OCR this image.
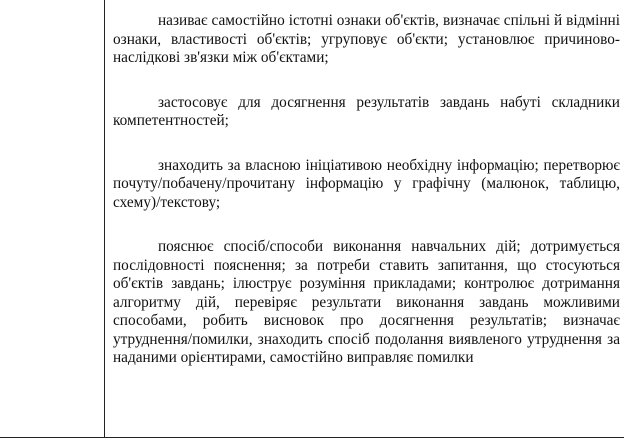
називає самостійно істотні ознаки об'єктів, визначає спільні й відмінні ознаки, властивості об'єктів; угруповує об'єкти; установлює причиново-наслідкові зв'язки між об'єктами;

застосовує для досягнення результатів завдань набуті складники компетентностей;

знаходить за власною ініціативою необхідну інформацію; перетворює почуту/побачену/прочитану інформацію у графічну (малюнок, таблицю, схему)/текстову;

пояснює спосіб/способи виконання навчальних дій; дотримується послідовності пояснення; за потреби ставить запитання, що стосуються об'єктів завдань; ілюструє розуміння прикладами; контролює дотримання алгоритму дій, перевіряє результати виконання завдань можливими способами, робить висновок про досягнення результатів; визначає утруднення/помилки, знаходить спосіб подолання виявленого утруднення за наданими орієнтирами, самостійно виправляє помилки
